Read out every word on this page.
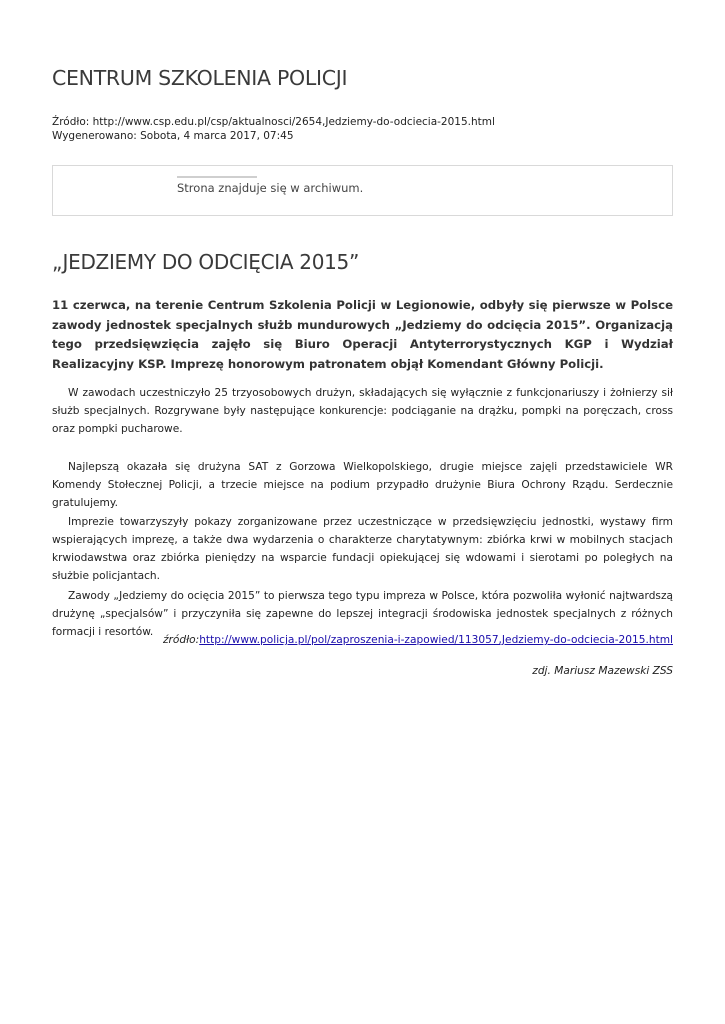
CENTRUM SZKOLENIA POLICJI
Źródło: http://www.csp.edu.pl/csp/aktualnosci/2654,Jedziemy-do-odciecia-2015.html
Wygenerowano: Sobota, 4 marca 2017, 07:45
Strona znajduje się w archiwum.
„JEDZIEMY DO ODCIĘCIA 2015”

11 czerwca, na terenie Centrum Szkolenia Policji w Legionowie, odbyły się pierwsze w Polsce zawody jednostek specjalnych służb mundurowych „Jedziemy do odcięcia 2015”. Organizacją tego przedsięwzięcia zajęło się Biuro Operacji Antyterrorystycznych KGP i Wydział Realizacyjny KSP. Imprezę honorowym patronatem objął Komendant Główny Policji.

W zawodach uczestniczyło 25 trzyosobowych drużyn, składających się wyłącznie z funkcjonariuszy i żołnierzy sił służb specjalnych. Rozgrywane były następujące konkurencje: podciąganie na drążku, pompki na poręczach, cross oraz pompki pucharowe.

Najlepszą okazała się drużyna SAT z Gorzowa Wielkopolskiego, drugie miejsce zajęli przedstawiciele WR Komendy Stołecznej Policji, a trzecie miejsce na podium przypadło drużynie Biura Ochrony Rządu. Serdecznie gratulujemy.

Imprezie towarzyszyły pokazy zorganizowane przez uczestniczące w przedsięwzięciu jednostki, wystawy firm wspierających imprezę, a także dwa wydarzenia o charakterze charytatywnym: zbiórka krwi w mobilnych stacjach krwiodawstwa oraz zbiórka pieniędzy na wsparcie fundacji opiekującej się wdowami i sierotami po poległych na służbie policjantach.

Zawody „Jedziemy do ocięcia 2015” to pierwsza tego typu impreza w Polsce, która pozwoliła wyłonić najtwardszą drużynę „specjalsów” i przyczyniła się zapewne do lepszej integracji środowiska jednostek specjalnych z różnych formacji i resortów.

źródło:http://www.policja.pl/pol/zaproszenia-i-zapowied/113057,Jedziemy-do-odciecia-2015.html
zdj. Mariusz Mazewski ZSS
